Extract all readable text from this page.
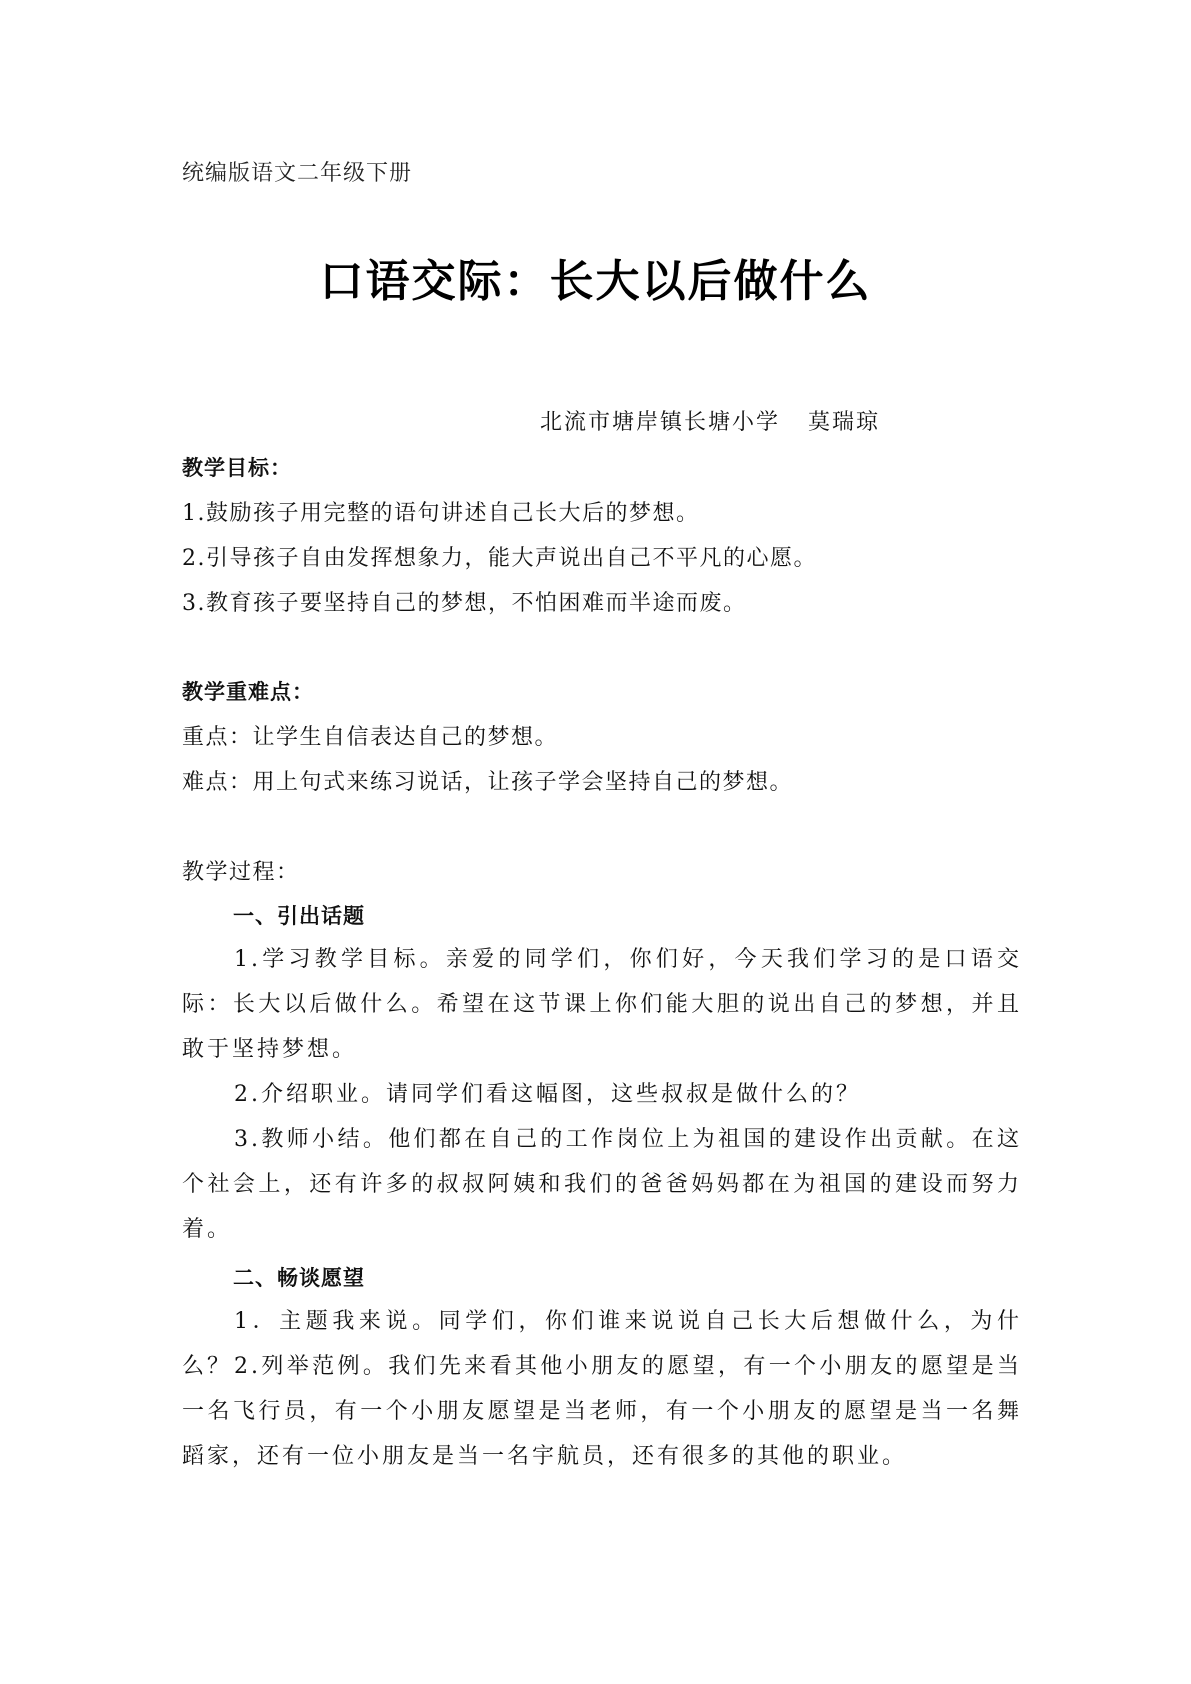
统编版语文二年级下册
口语交际：长大以后做什么
北流市塘岸镇长塘小学 莫瑞琼
教学目标：
1.鼓励孩子用完整的语句讲述自己长大后的梦想。
2.引导孩子自由发挥想象力，能大声说出自己不平凡的心愿。
3.教育孩子要坚持自己的梦想，不怕困难而半途而废。
教学重难点：
重点：让学生自信表达自己的梦想。
难点：用上句式来练习说话，让孩子学会坚持自己的梦想。
教学过程：
一、引出话题
1.学习教学目标。亲爱的同学们，你们好，今天我们学习的是口语交际：长大以后做什么。希望在这节课上你们能大胆的说出自己的梦想，并且敢于坚持梦想。
2.介绍职业。请同学们看这幅图，这些叔叔是做什么的？
3.教师小结。他们都在自己的工作岗位上为祖国的建设作出贡献。在这个社会上，还有许多的叔叔阿姨和我们的爸爸妈妈都在为祖国的建设而努力着。
二、畅谈愿望
1．主题我来说。同学们，你们谁来说说自己长大后想做什么，为什么？ 2.列举范例。我们先来看其他小朋友的愿望，有一个小朋友的愿望是当一名飞行员，有一个小朋友愿望是当老师，有一个小朋友的愿望是当一名舞蹈家，还有一位小朋友是当一名宇航员，还有很多的其他的职业。
